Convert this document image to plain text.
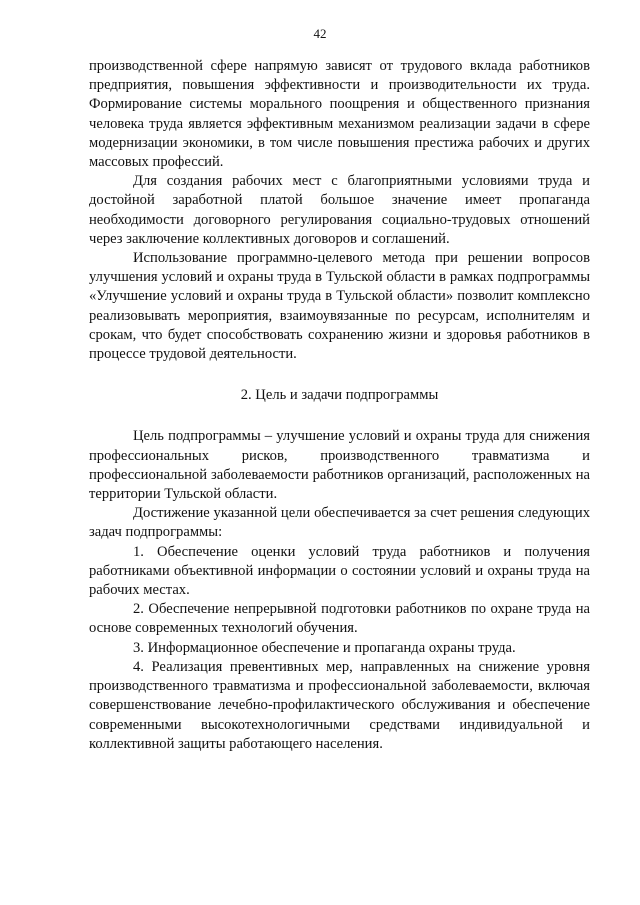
42

производственной сфере напрямую зависят от трудового вклада работников предприятия, повышения эффективности и производительности их труда. Формирование системы морального поощрения и общественного признания человека труда является эффективным механизмом реализации задачи в сфере модернизации экономики, в том числе повышения престижа рабочих и других массовых профессий.

Для создания рабочих мест с благоприятными условиями труда и достойной заработной платой большое значение имеет пропаганда необходимости договорного регулирования социально-трудовых отношений через заключение коллективных договоров и соглашений.

Использование программно-целевого метода при решении вопросов улучшения условий и охраны труда в Тульской области в рамках подпрограммы «Улучшение условий и охраны труда в Тульской области» позволит комплексно реализовывать мероприятия, взаимоувязанные по ресурсам, исполнителям и срокам, что будет способствовать сохранению жизни и здоровья работников в процессе трудовой деятельности.

2. Цель и задачи подпрограммы

Цель подпрограммы – улучшение условий и охраны труда для снижения профессиональных рисков, производственного травматизма и профессиональной заболеваемости работников организаций, расположенных на территории Тульской области.

Достижение указанной цели обеспечивается за счет решения следующих задач подпрограммы:

1. Обеспечение оценки условий труда работников и получения работниками объективной информации о состоянии условий и охраны труда на рабочих местах.

2. Обеспечение непрерывной подготовки работников по охране труда на основе современных технологий обучения.

3. Информационное обеспечение и пропаганда охраны труда.

4. Реализация превентивных мер, направленных на снижение уровня производственного травматизма и профессиональной заболеваемости, включая совершенствование лечебно-профилактического обслуживания и обеспечение современными высокотехнологичными средствами индивидуальной и коллективной защиты работающего населения.
